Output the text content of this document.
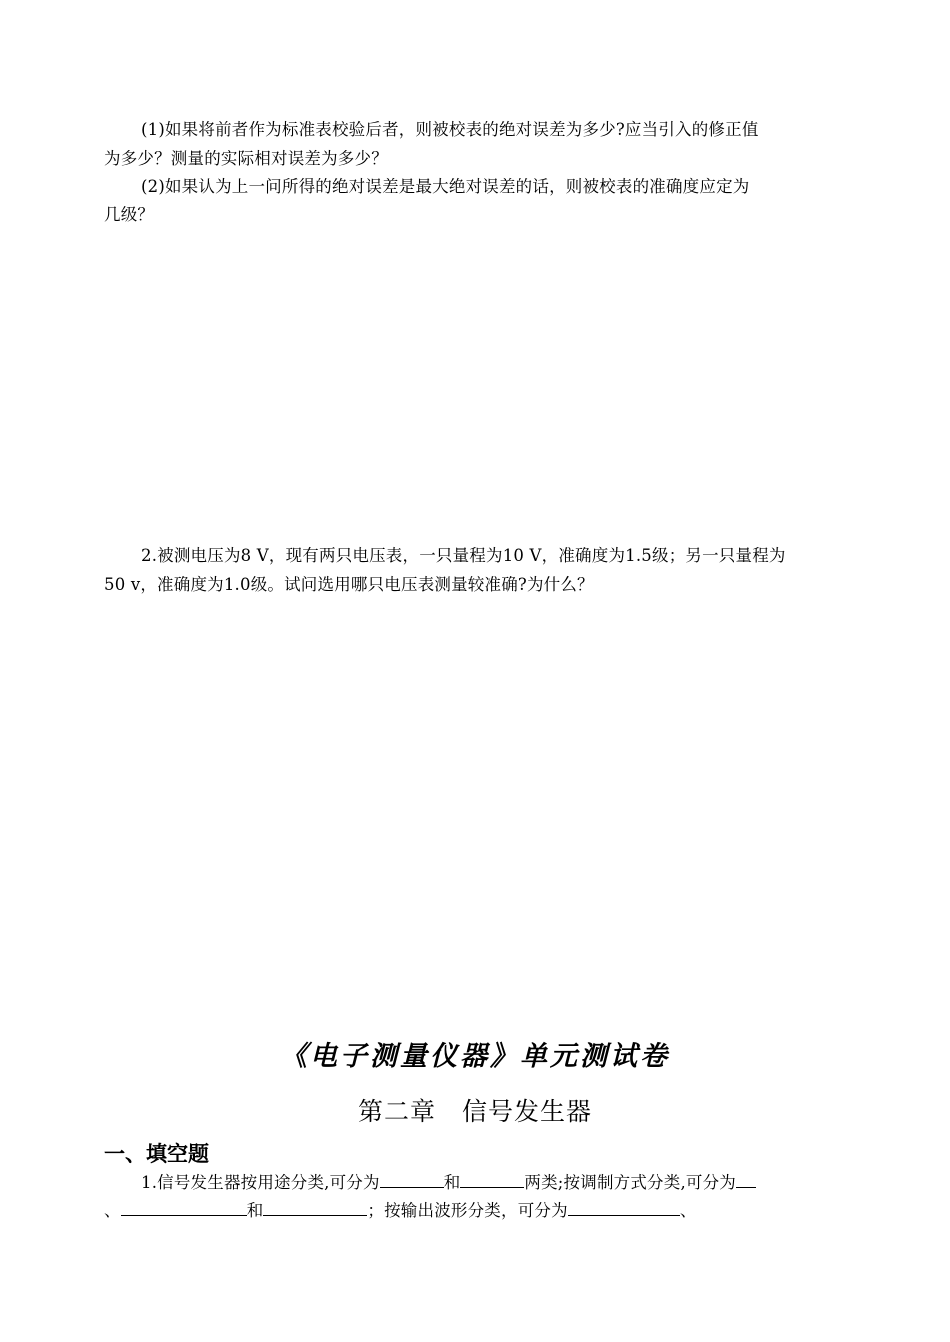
(1)如果将前者作为标准表校验后者，则被校表的绝对误差为多少?应当引入的修正值
为多少？测量的实际相对误差为多少？
(2)如果认为上一问所得的绝对误差是最大绝对误差的话，则被校表的准确度应定为
几级？
2.被测电压为8 V，现有两只电压表，一只量程为10 V，准确度为1.5级；另一只量程为
50 v，准确度为1.0级。试问选用哪只电压表测量较准确?为什么？
《电子测量仪器》单元测试卷
第二章　信号发生器
一、填空题
1.信号发生器按用途分类,可分为	和	两类;按调制方式分类,可分为
、	和	；按输出波形分类，可分为	、
